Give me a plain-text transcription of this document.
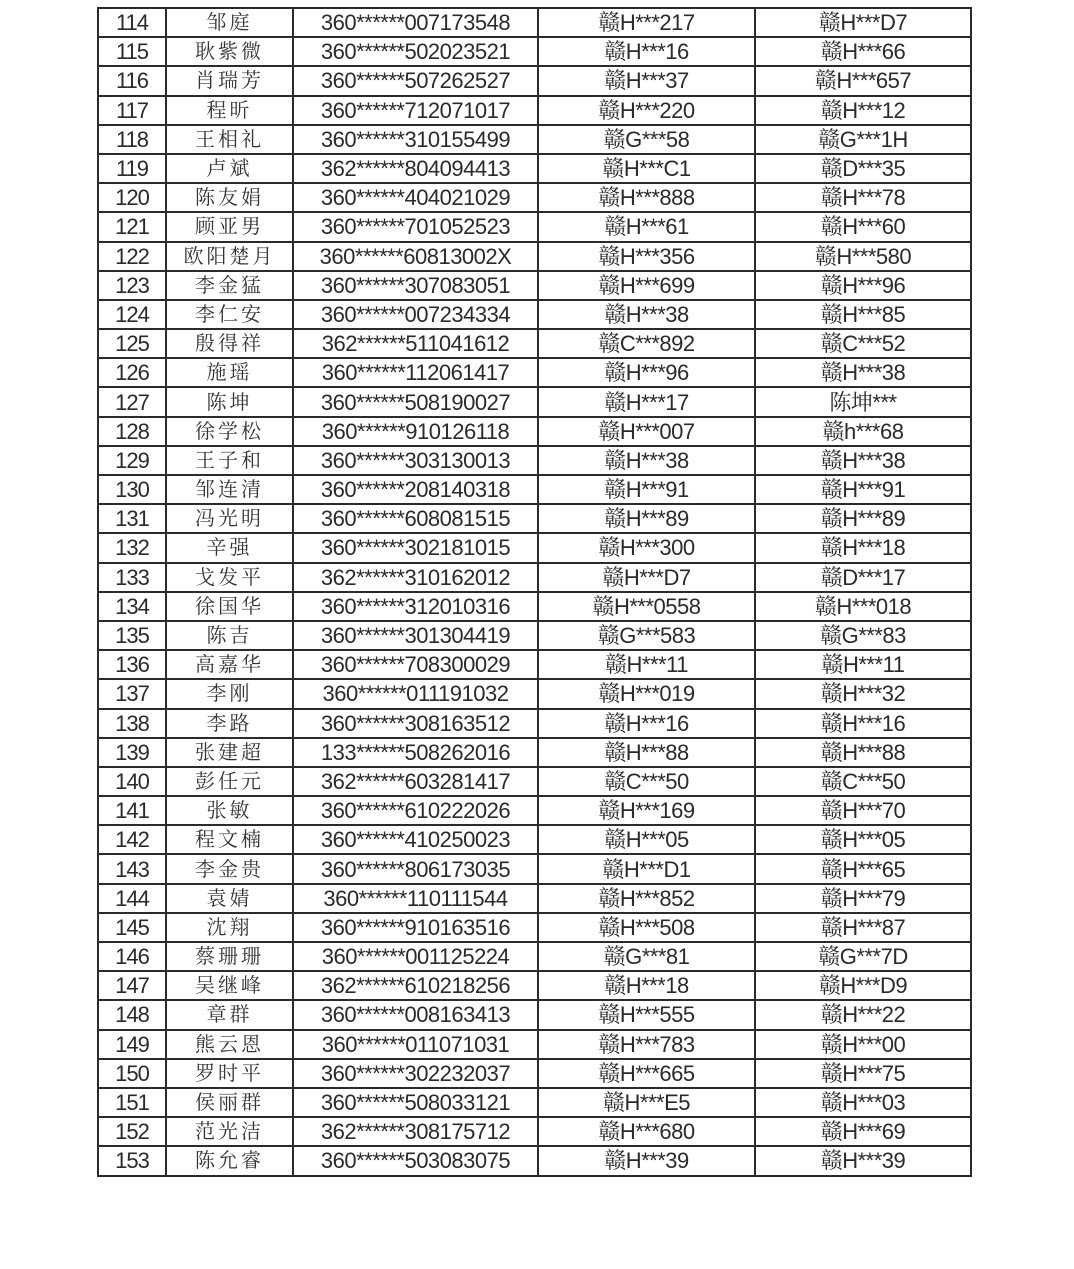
114	邹庭	360******007173548	赣H***217	赣H***D7
115	耿紫微	360******502023521	赣H***16	赣H***66
116	肖瑞芳	360******507262527	赣H***37	赣H***657
117	程昕	360******712071017	赣H***220	赣H***12
118	王相礼	360******310155499	赣G***58	赣G***1H
119	卢斌	362******804094413	赣H***C1	赣D***35
120	陈友娟	360******404021029	赣H***888	赣H***78
121	顾亚男	360******701052523	赣H***61	赣H***60
122	欧阳楚月	360******60813002X	赣H***356	赣H***580
123	李金猛	360******307083051	赣H***699	赣H***96
124	李仁安	360******007234334	赣H***38	赣H***85
125	殷得祥	362******511041612	赣C***892	赣C***52
126	施瑶	360******112061417	赣H***96	赣H***38
127	陈坤	360******508190027	赣H***17	陈坤***
128	徐学松	360******910126118	赣H***007	赣h***68
129	王子和	360******303130013	赣H***38	赣H***38
130	邹连清	360******208140318	赣H***91	赣H***91
131	冯光明	360******608081515	赣H***89	赣H***89
132	辛强	360******302181015	赣H***300	赣H***18
133	戈发平	362******310162012	赣H***D7	赣D***17
134	徐国华	360******312010316	赣H***0558	赣H***018
135	陈吉	360******301304419	赣G***583	赣G***83
136	高嘉华	360******708300029	赣H***11	赣H***11
137	李刚	360******011191032	赣H***019	赣H***32
138	李路	360******308163512	赣H***16	赣H***16
139	张建超	133******508262016	赣H***88	赣H***88
140	彭任元	362******603281417	赣C***50	赣C***50
141	张敏	360******610222026	赣H***169	赣H***70
142	程文楠	360******410250023	赣H***05	赣H***05
143	李金贵	360******806173035	赣H***D1	赣H***65
144	袁婧	360******110111544	赣H***852	赣H***79
145	沈翔	360******910163516	赣H***508	赣H***87
146	蔡珊珊	360******001125224	赣G***81	赣G***7D
147	吴继峰	362******610218256	赣H***18	赣H***D9
148	章群	360******008163413	赣H***555	赣H***22
149	熊云恩	360******011071031	赣H***783	赣H***00
150	罗时平	360******302232037	赣H***665	赣H***75
151	侯丽群	360******508033121	赣H***E5	赣H***03
152	范光洁	362******308175712	赣H***680	赣H***69
153	陈允睿	360******503083075	赣H***39	赣H***39
